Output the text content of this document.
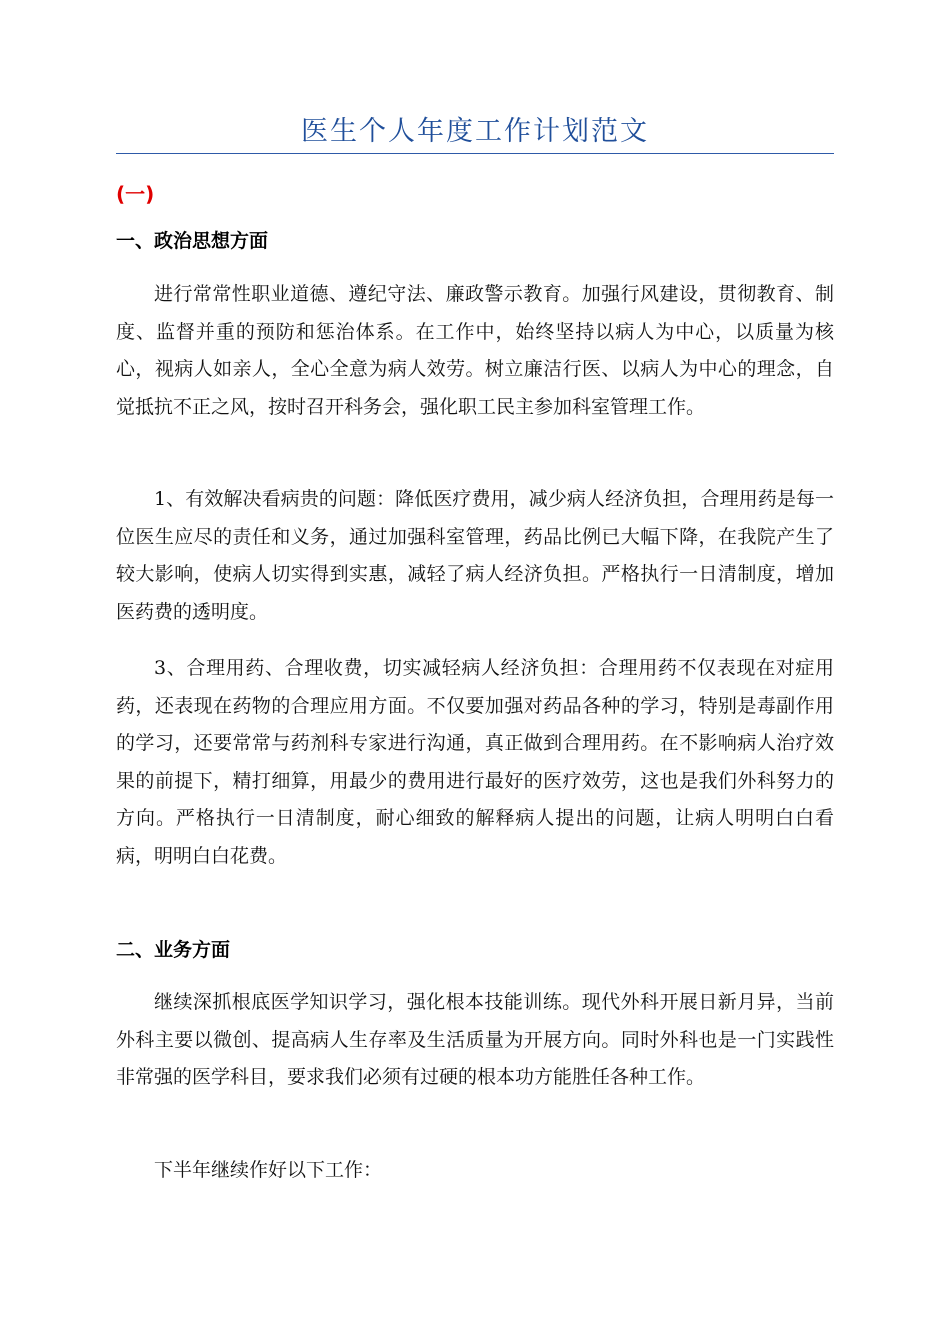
医生个人年度工作计划范文
(一)
一、政治思想方面

进行常常性职业道德、遵纪守法、廉政警示教育。加强行风建设，贯彻教育、制度、监督并重的预防和惩治体系。在工作中，始终坚持以病人为中心，以质量为核心，视病人如亲人，全心全意为病人效劳。树立廉洁行医、以病人为中心的理念，自觉抵抗不正之风，按时召开科务会，强化职工民主参加科室管理工作。

1、有效解决看病贵的问题：降低医疗费用，减少病人经济负担，合理用药是每一位医生应尽的责任和义务，通过加强科室管理，药品比例已大幅下降，在我院产生了较大影响，使病人切实得到实惠，减轻了病人经济负担。严格执行一日清制度，增加医药费的透明度。

3、合理用药、合理收费，切实减轻病人经济负担：合理用药不仅表现在对症用药，还表现在药物的合理应用方面。不仅要加强对药品各种的学习，特别是毒副作用的学习，还要常常与药剂科专家进行沟通，真正做到合理用药。在不影响病人治疗效果的前提下，精打细算，用最少的费用进行最好的医疗效劳，这也是我们外科努力的方向。严格执行一日清制度，耐心细致的解释病人提出的问题，让病人明明白白看病，明明白白花费。

二、业务方面

继续深抓根底医学知识学习，强化根本技能训练。现代外科开展日新月异，当前外科主要以微创、提高病人生存率及生活质量为开展方向。同时外科也是一门实践性非常强的医学科目，要求我们必须有过硬的根本功方能胜任各种工作。

下半年继续作好以下工作：
